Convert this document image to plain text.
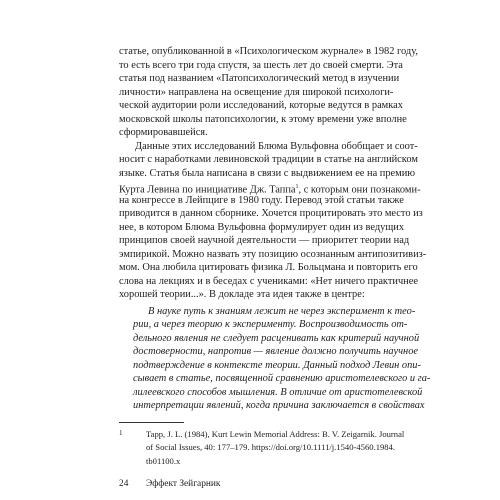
статье, опубликованной в «Психологическом журнале» в 1982 году,
то есть всего три года спустя, за шесть лет до своей смерти. Эта
статья под названием «Патопсихологический метод в изучении
личности» направлена на освещение для широкой психологи-
ческой аудитории роли исследований, которые ведутся в рамках
московской школы патопсихологии, к этому времени уже вполне
сформировавшейся.
Данные этих исследований Блюма Вульфовна обобщает и соот-
носит с наработками левиновской традиции в статье на английском
языке. Статья была написана в связи с выдвижением ее на премию
Курта Левина по инициативе Дж. Таппа$^1$, с которым они познакоми-
на конгрессе в Лейпциге в 1980 году. Перевод этой статьи также
приводится в данном сборнике. Хочется процитировать это место из
нее, в котором Блюма Вульфовна формулирует один из ведущих
принципов своей научной деятельности — приоритет теории над
эмпирикой. Можно назвать эту позицию осознанным антипозитивиз-
мом. Она любила цитировать физика Л. Больцмана и повторить его
слова на лекциях и в беседах с учениками: «Нет ничего практичнее
хорошей теории...». В докладе эта идея также в центре:
В науке путь к знаниям лежит не через эксперимент к тео-
рии, а через теорию к эксперименту. Воспроизводимость от-
дельного явления не следует расценивать как критерий научной
достоверности, напротив — явление должно получить научное
подтверждение в контексте теории. Данный подход Левин опи-
сывает в статье, посвященной сравнению аристотелевского и га-
лилеевского способов мышления. В отличие от аристотелевской
интерпретации явлений, когда причина заключается в свойствах
1	Tapp, J. L. (1984), Kurt Lewin Memorial Address: B. V. Zeigarnik. Journal
of Social Issues, 40: 177–179. https://doi.org/10.1111/j.1540-4560.1984.
tb01100.x
24 Эффект Зейгарник
